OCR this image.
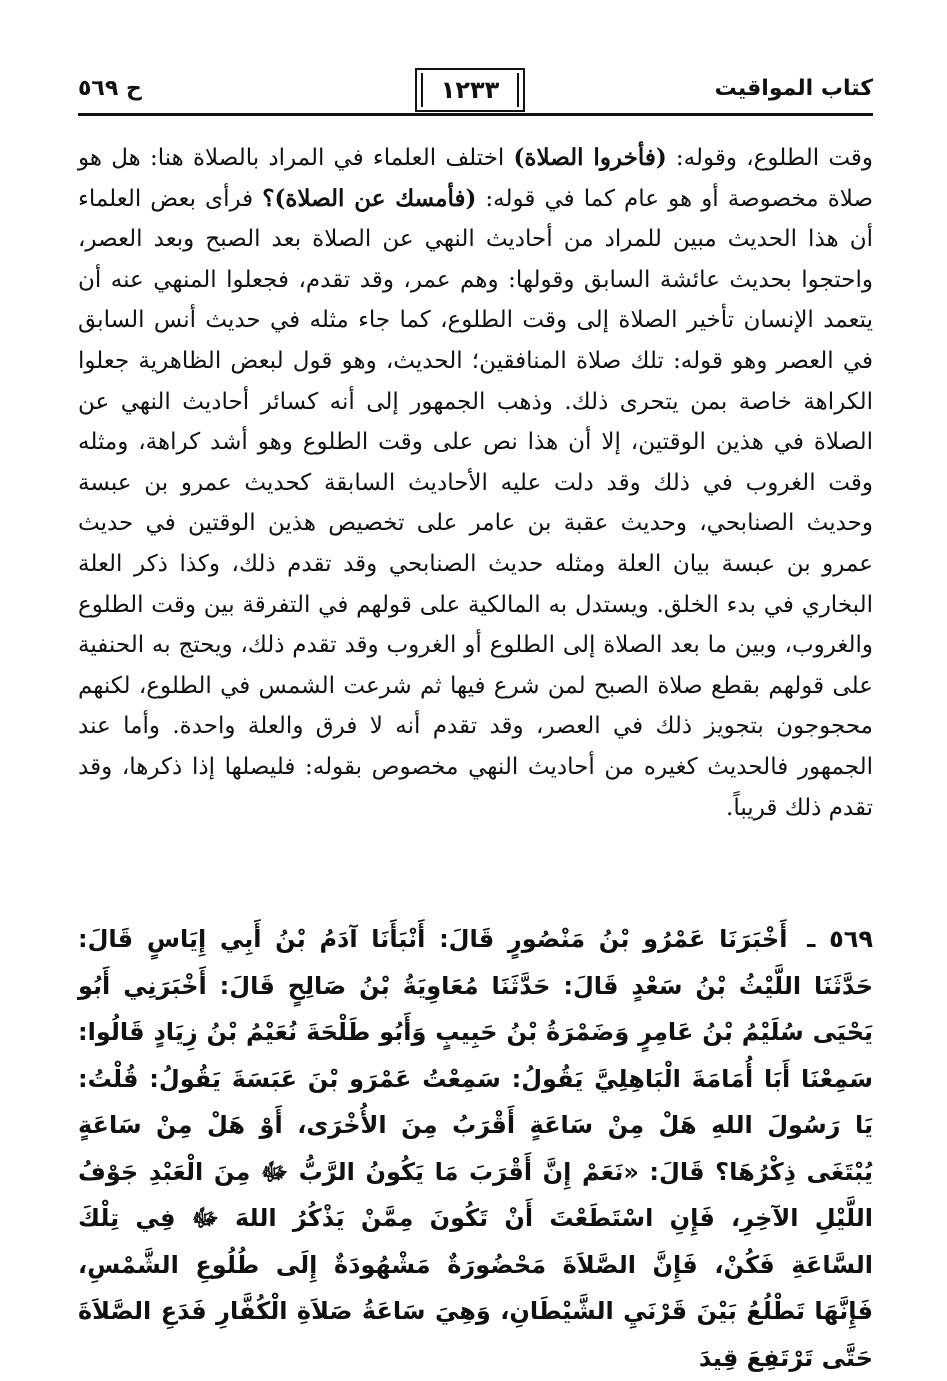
كتاب المواقيت
١٢٣٣
ح ٥٦٩

وقت الطلوع، وقوله: (فأخروا الصلاة) اختلف العلماء في المراد بالصلاة هنا: هل هو صلاة مخصوصة أو هو عام كما في قوله: (فأمسك عن الصلاة)؟ فرأى بعض العلماء أن هذا الحديث مبين للمراد من أحاديث النهي عن الصلاة بعد الصبح وبعد العصر، واحتجوا بحديث عائشة السابق وقولها: وهم عمر، وقد تقدم، فجعلوا المنهي عنه أن يتعمد الإنسان تأخير الصلاة إلى وقت الطلوع، كما جاء مثله في حديث أنس السابق في العصر وهو قوله: تلك صلاة المنافقين؛ الحديث، وهو قول لبعض الظاهرية جعلوا الكراهة خاصة بمن يتحرى ذلك. وذهب الجمهور إلى أنه كسائر أحاديث النهي عن الصلاة في هذين الوقتين، إلا أن هذا نص على وقت الطلوع وهو أشد كراهة، ومثله وقت الغروب في ذلك وقد دلت عليه الأحاديث السابقة كحديث عمرو بن عبسة وحديث الصنابحي، وحديث عقبة بن عامر على تخصيص هذين الوقتين في حديث عمرو بن عبسة بيان العلة ومثله حديث الصنابحي وقد تقدم ذلك، وكذا ذكر العلة البخاري في بدء الخلق. ويستدل به المالكية على قولهم في التفرقة بين وقت الطلوع والغروب، وبين ما بعد الصلاة إلى الطلوع أو الغروب وقد تقدم ذلك، ويحتج به الحنفية على قولهم بقطع صلاة الصبح لمن شرع فيها ثم شرعت الشمس في الطلوع، لكنهم محجوجون بتجويز ذلك في العصر، وقد تقدم أنه لا فرق والعلة واحدة. وأما عند الجمهور فالحديث كغيره من أحاديث النهي مخصوص بقوله: فليصلها إذا ذكرها، وقد تقدم ذلك قريباً.

٥٦٩ ـ أَخْبَرَنَا عَمْرُو بْنُ مَنْصُورٍ قَالَ: أَنْبَأَنَا آدَمُ بْنُ أَبِي إِيَاسٍ قَالَ: حَدَّثَنَا اللَّيْثُ بْنُ سَعْدٍ قَالَ: حَدَّثَنَا مُعَاوِيَةُ بْنُ صَالِحٍ قَالَ: أَخْبَرَنِي أَبُو يَحْيَى سُلَيْمُ بْنُ عَامِرٍ وَضَمْرَةُ بْنُ حَبِيبٍ وَأَبُو طَلْحَةَ نُعَيْمُ بْنُ زِيَادٍ قَالُوا: سَمِعْنَا أَبَا أُمَامَةَ الْبَاهِلِيَّ يَقُولُ: سَمِعْتُ عَمْرَو بْنَ عَبَسَةَ يَقُولُ: قُلْتُ: يَا رَسُولَ اللهِ هَلْ مِنْ سَاعَةٍ أَقْرَبُ مِنَ الأُخْرَى، أَوْ هَلْ مِنْ سَاعَةٍ يُبْتَغَى ذِكْرُهَا؟ قَالَ: «نَعَمْ إِنَّ أَقْرَبَ مَا يَكُونُ الرَّبُّ ﷻ مِنَ الْعَبْدِ جَوْفُ اللَّيْلِ الآخِرِ، فَإِنِ اسْتَطَعْتَ أَنْ تَكُونَ مِمَّنْ يَذْكُرُ اللهَ ﷻ فِي تِلْكَ السَّاعَةِ فَكُنْ، فَإِنَّ الصَّلاَةَ مَحْضُورَةٌ مَشْهُودَةٌ إِلَى طُلُوعِ الشَّمْسِ، فَإِنَّهَا تَطْلُعُ بَيْنَ قَرْنَيِ الشَّيْطَانِ، وَهِيَ سَاعَةُ صَلاَةِ الْكُفَّارِ فَدَعِ الصَّلاَةَ حَتَّى تَرْتَفِعَ قِيدَ
